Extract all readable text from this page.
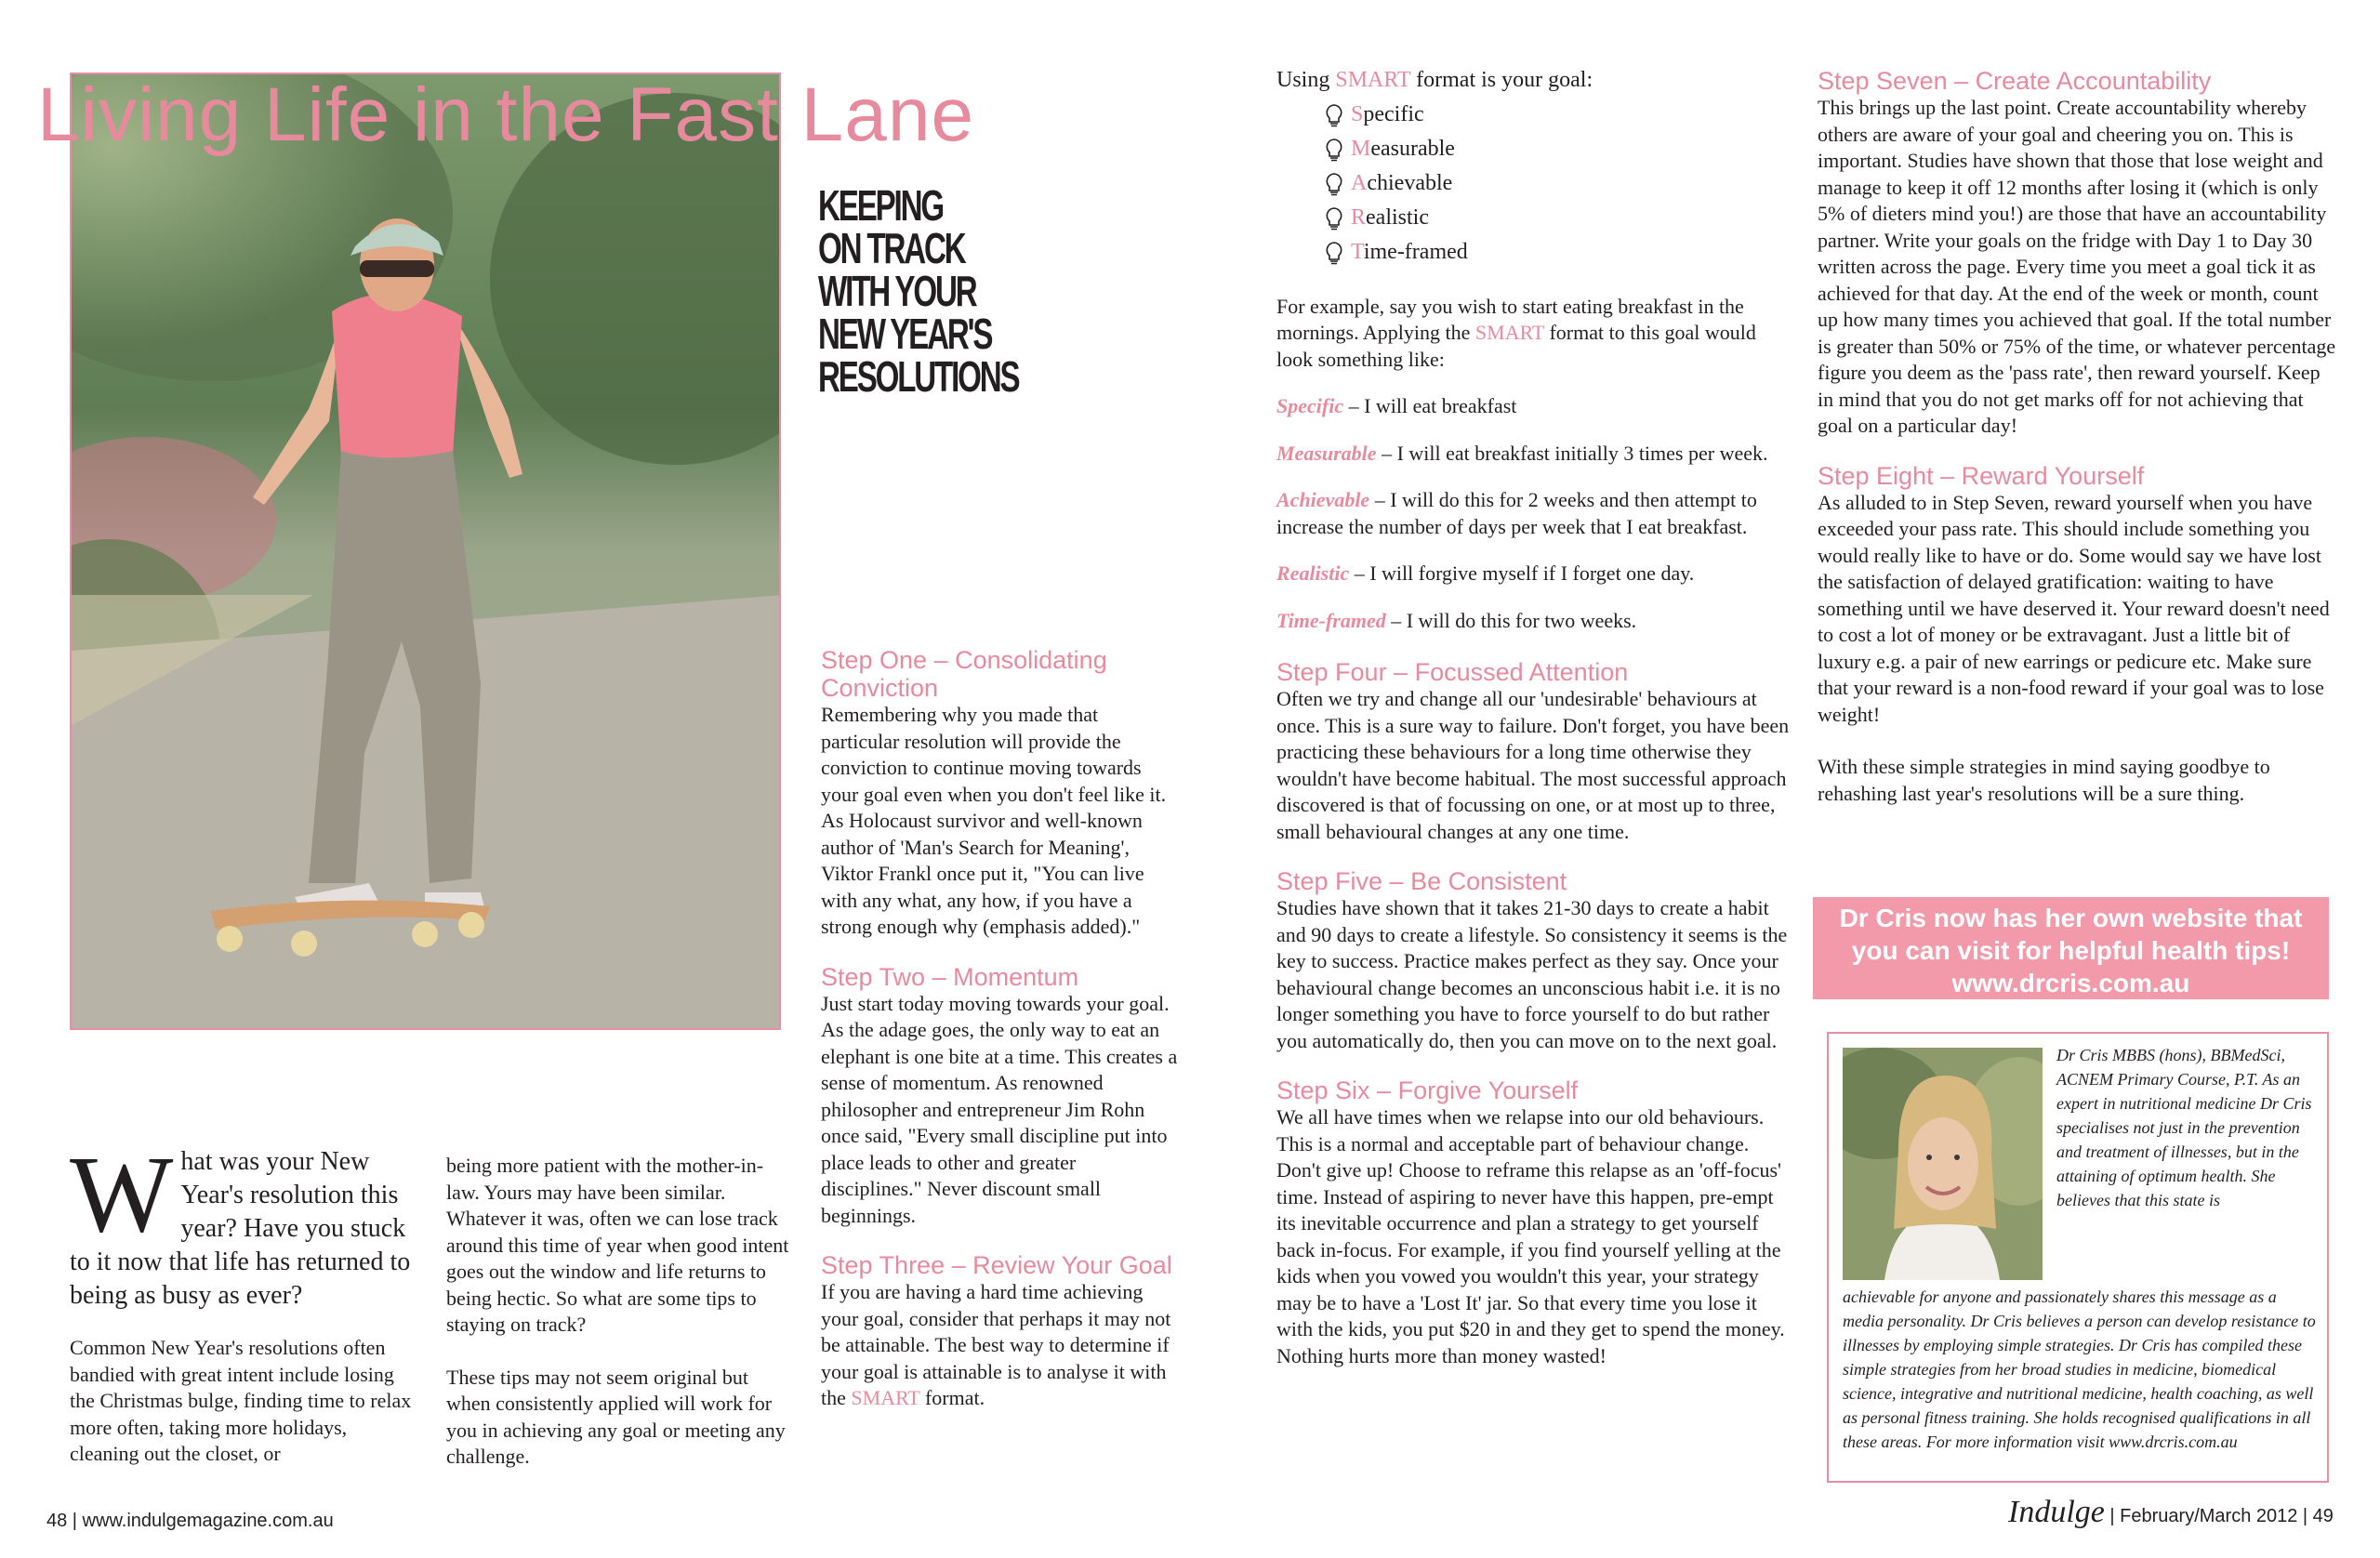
Living Life in the Fast Lane
KEEPING
ON TRACK
WITH YOUR
NEW YEAR'S
RESOLUTIONS
What was your New Year's resolution this year? Have you stuck to it now that life has returned to being as busy as ever?

Common New Year's resolutions often bandied with great intent include losing the Christmas bulge, finding time to relax more often, taking more holidays, cleaning out the closet, or

being more patient with the mother-in-law. Yours may have been similar. Whatever it was, often we can lose track around this time of year when good intent goes out the window and life returns to being hectic. So what are some tips to staying on track?

These tips may not seem original but when consistently applied will work for you in achieving any goal or meeting any challenge.

Step One – Consolidating Conviction

Remembering why you made that particular resolution will provide the conviction to continue moving towards your goal even when you don't feel like it. As Holocaust survivor and well-known author of 'Man's Search for Meaning', Viktor Frankl once put it, "You can live with any what, any how, if you have a strong enough why (emphasis added)."

Step Two – Momentum

Just start today moving towards your goal. As the adage goes, the only way to eat an elephant is one bite at a time. This creates a sense of momentum. As renowned philosopher and entrepreneur Jim Rohn once said, "Every small discipline put into place leads to other and greater disciplines." Never discount small beginnings.

Step Three – Review Your Goal

If you are having a hard time achieving your goal, consider that perhaps it may not be attainable. The best way to determine if your goal is attainable is to analyse it with the SMART format.

48 | www.indulgemagazine.com.au

Using SMART format is your goal:

Specific
Measurable
Achievable
Realistic
Time-framed

For example, say you wish to start eating breakfast in the mornings. Applying the SMART format to this goal would look something like:

Specific – I will eat breakfast

Measurable – I will eat breakfast initially 3 times per week.

Achievable – I will do this for 2 weeks and then attempt to increase the number of days per week that I eat breakfast.

Realistic – I will forgive myself if I forget one day.

Time-framed – I will do this for two weeks.

Step Four – Focussed Attention

Often we try and change all our 'undesirable' behaviours at once. This is a sure way to failure. Don't forget, you have been practicing these behaviours for a long time otherwise they wouldn't have become habitual. The most successful approach discovered is that of focussing on one, or at most up to three, small behavioural changes at any one time.

Step Five – Be Consistent

Studies have shown that it takes 21-30 days to create a habit and 90 days to create a lifestyle. So consistency it seems is the key to success. Practice makes perfect as they say. Once your behavioural change becomes an unconscious habit i.e. it is no longer something you have to force yourself to do but rather you automatically do, then you can move on to the next goal.

Step Six – Forgive Yourself

We all have times when we relapse into our old behaviours. This is a normal and acceptable part of behaviour change. Don't give up! Choose to reframe this relapse as an 'off-focus' time. Instead of aspiring to never have this happen, pre-empt its inevitable occurrence and plan a strategy to get yourself back in-focus. For example, if you find yourself yelling at the kids when you vowed you wouldn't this year, your strategy may be to have a 'Lost It' jar. So that every time you lose it with the kids, you put $20 in and they get to spend the money. Nothing hurts more than money wasted!

Step Seven – Create Accountability

This brings up the last point. Create accountability whereby others are aware of your goal and cheering you on. This is important. Studies have shown that those that lose weight and manage to keep it off 12 months after losing it (which is only 5% of dieters mind you!) are those that have an accountability partner. Write your goals on the fridge with Day 1 to Day 30 written across the page. Every time you meet a goal tick it as achieved for that day. At the end of the week or month, count up how many times you achieved that goal. If the total number is greater than 50% or 75% of the time, or whatever percentage figure you deem as the 'pass rate', then reward yourself. Keep in mind that you do not get marks off for not achieving that goal on a particular day!

Step Eight – Reward Yourself

As alluded to in Step Seven, reward yourself when you have exceeded your pass rate. This should include something you would really like to have or do. Some would say we have lost the satisfaction of delayed gratification: waiting to have something until we have deserved it. Your reward doesn't need to cost a lot of money or be extravagant. Just a little bit of luxury e.g. a pair of new earrings or pedicure etc. Make sure that your reward is a non-food reward if your goal was to lose weight!

With these simple strategies in mind saying goodbye to rehashing last year's resolutions will be a sure thing.

Dr Cris now has her own website that
you can visit for helpful health tips!
www.drcris.com.au

Dr Cris MBBS (hons), BBMedSci, ACNEM Primary Course, P.T. As an expert in nutritional medicine Dr Cris specialises not just in the prevention and treatment of illnesses, but in the attaining of optimum health. She believes that this state is

achievable for anyone and passionately shares this message as a media personality. Dr Cris believes a person can develop resistance to illnesses by employing simple strategies. Dr Cris has compiled these simple strategies from her broad studies in medicine, biomedical science, integrative and nutritional medicine, health coaching, as well as personal fitness training. She holds recognised qualifications in all these areas. For more information visit www.drcris.com.au

Indulge | February/March 2012 | 49
